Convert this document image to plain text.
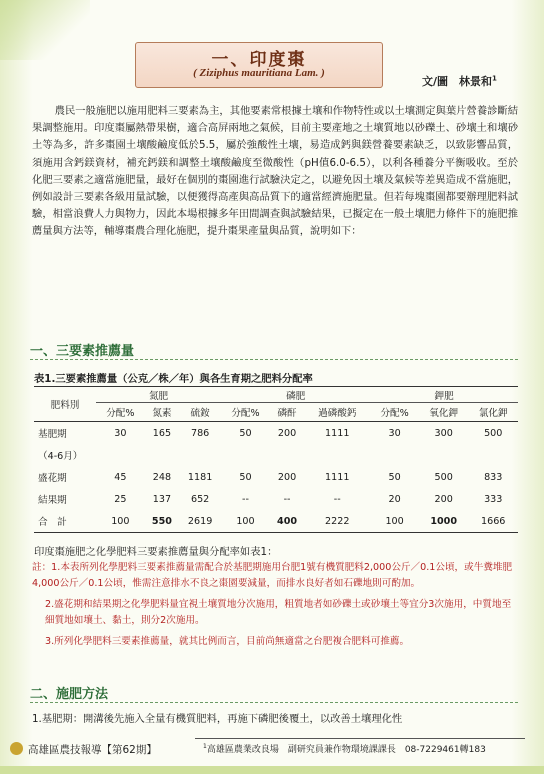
一、印度棗
( Ziziphus mauritiana Lam. )
文/圖　林景和$^1$

農民一般施肥以施用肥料三要素為主，其他要素常根據土壤和作物特性或以土壤測定與葉片營養診斷結果調整施用。印度棗屬熱帶果樹，適合高屏兩地之氣候，目前主要產地之土壤質地以砂礫土、砂壤土和壤砂土等為多，許多棗園土壤酸鹼度低於5.5，屬於強酸性土壤，易造成鈣與鎂營養要素缺乏，以致影響品質，須施用含鈣鎂資材，補充鈣鎂和調整土壤酸鹼度至微酸性（pH值6.0-6.5），以利各種養分平衡吸收。至於化肥三要素之適當施肥量，最好在個別的棗園進行試驗決定之，以避免因土壤及氣候等差異造成不當施肥，例如設計三要素各級用量試驗，以便獲得高產與高品質下的適當經濟施肥量。但若每塊棗園都要辦理肥料試驗，相當浪費人力與物力，因此本場根據多年田間調查與試驗結果，已擬定在一般土壤肥力條件下的施肥推薦量與方法等，輔導棗農合理化施肥，提升棗果產量與品質，說明如下：

一、三要素推薦量
表1.三要素推薦量（公克／株／年）與各生育期之肥料分配率
肥料別	氮肥			磷肥			鉀肥		
	分配%	氮素	硫銨	分配%	磷酐	過磷酸鈣	分配%	氧化鉀	氯化鉀
基肥期	30	165	786	50	200	1111	30	300	500
（4-6月）									
盛花期	45	248	1181	50	200	1111	50	500	833
結果期	25	137	652	--	--	--	20	200	333
合　計	100	550	2619	100	400	2222	100	1000	1666
印度棗施肥之化學肥料三要素推薦量與分配率如表1：
註：1.本表所列化學肥料三要素推薦量需配合於基肥期施用台肥1號有機質肥料2,000公斤／0.1公頃，或牛糞堆肥4,000公斤／0.1公頃，惟需注意排水不良之棗園要減量，而排水良好者如石礫地則可酌加。
2.盛花期和結果期之化學肥料量宜視土壤質地分次施用，粗質地者如砂礫土或砂壤土等宜分3次施用，中質地至細質地如壤土、黏土，則分2次施用。
3.所列化學肥料三要素推薦量，就其比例而言，目前尚無適當之台肥複合肥料可推薦。
二、施肥方法
1.基肥期：開溝後先施入全量有機質肥料，再施下磷肥後覆土，以改善土壤理化性
高雄區農技報導【第62期】	$^1$高雄區農業改良場　副研究員兼作物環境課課長　08-7229461轉183
